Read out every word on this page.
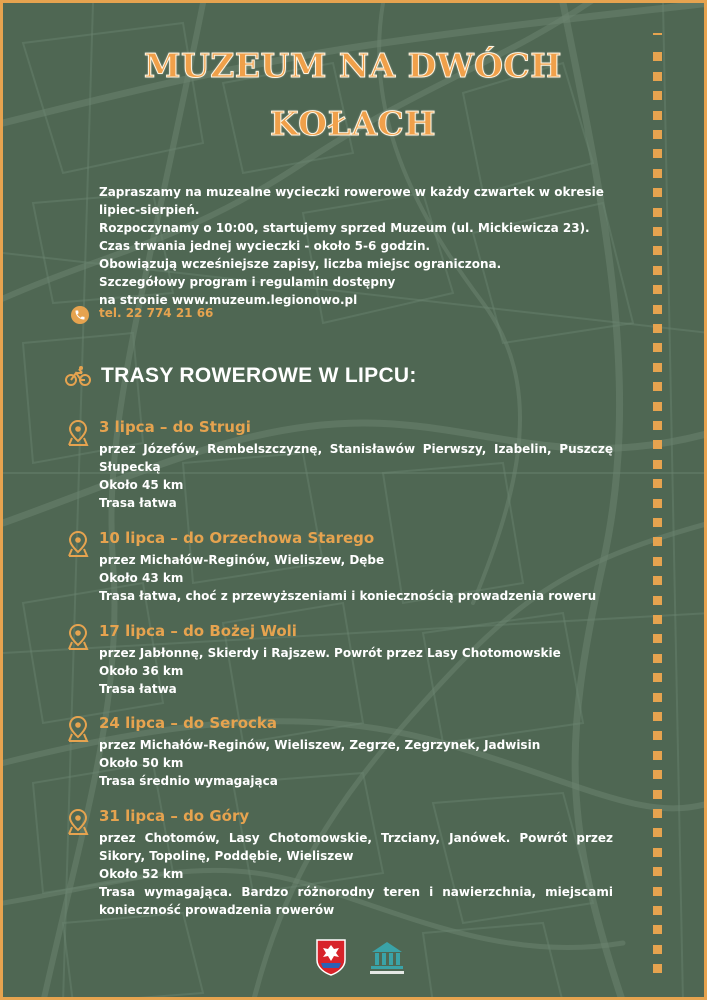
MUZEUM NA DWÓCH
KOŁACH
Zapraszamy na muzealne wycieczki rowerowe w każdy czwartek w okresie
lipiec-sierpień.
Rozpoczynamy o 10:00, startujemy sprzed Muzeum (ul. Mickiewicza 23).
Czas trwania jednej wycieczki - około 5-6 godzin.
Obowiązują wcześniejsze zapisy, liczba miejsc ograniczona.
Szczegółowy program i regulamin dostępny
na stronie www.muzeum.legionowo.pl
tel. 22 774 21 66
TRASY ROWEROWE W LIPCU:
3 lipca – do Strugi
przez Józefów, Rembelszczyznę, Stanisławów Pierwszy, Izabelin, Puszczę Słupecką
Około 45 km
Trasa łatwa
10 lipca – do Orzechowa Starego
przez Michałów-Reginów, Wieliszew, Dębe
Około 43 km
Trasa łatwa, choć z przewyższeniami i koniecznością prowadzenia roweru
17 lipca – do Bożej Woli
przez Jabłonnę, Skierdy i Rajszew. Powrót przez Lasy Chotomowskie
Około 36 km
Trasa łatwa
24 lipca – do Serocka
przez Michałów-Reginów, Wieliszew, Zegrze, Zegrzynek, Jadwisin
Około 50 km
Trasa średnio wymagająca
31 lipca – do Góry
przez Chotomów, Lasy Chotomowskie, Trzciany, Janówek. Powrót przez Sikory, Topolinę, Poddębie, Wieliszew
Około 52 km
Trasa wymagająca. Bardzo różnorodny teren i nawierzchnia, miejscami konieczność prowadzenia rowerów
